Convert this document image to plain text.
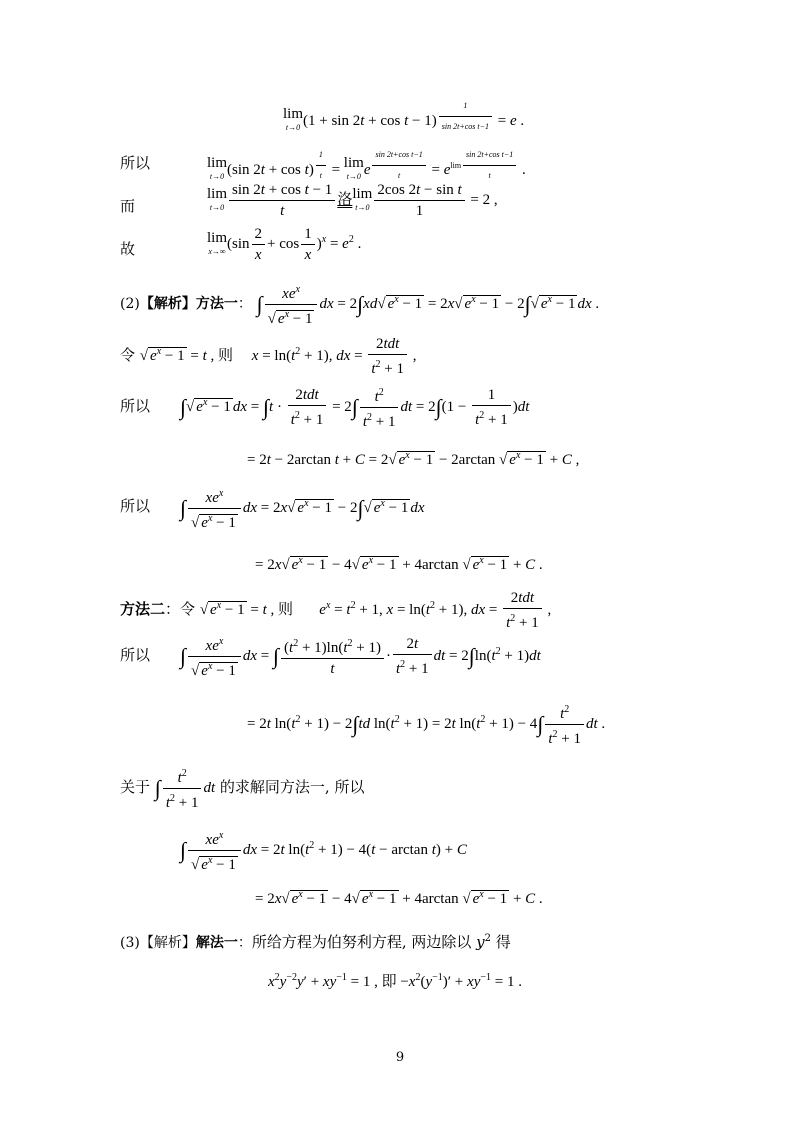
lim
t→0 (1 + sin 2t + cos t − 1) $^{\frac{1}{\text{sin 2t+cos t−1}}}$ = e .
所以	lim
t→0 (sin 2t + cos t) $^{\frac{1}{t}}$ = lim
t→0 e $^{\frac{\text{sin 2t+cos t−1}}{t}} = e^{lim \frac{\text{sin 2t+cos t−1}}{t}}$ .
而
lim
$t\to 0 \frac{\text{sin 2t + cos t − 1}}{t}$ 洛 lim
$t\to 0 \frac{\text{2cos 2t − sin t}}{1} = 2$ ,
故
lim
x→∞ $(\sin \frac{2}{x} + \cos \frac{1}{x} )^x = e^2$ .
(2)【解析】方法一： ∫ $\frac{xe^x}{√ e^x - 1}$ dx = 2∫xd√ $e^x - 1 = 2x√$ $e^x - 1 - 2\int√$ $e^x - 1$ dx .
令 √ $e^x - 1 = t$ , 则     $x = \ln(t^2 + 1)$, dx = $\frac{\text{2tdt}}{t^2 + 1}$ ,
所以 ∫√ $e^x - 1$ dx = $\int t \cdot \frac{\text{2tdt}}{t^2 + 1} = 2\int \frac{t^2}{t^2 + 1}$ dt = $2\int(1 - \frac{1}{t^2 + 1} )dt$
= 2t − 2arctan t + C = 2√ $e^x - 1 - 2\arctan$ √ $e^x - 1 + C$ ,
所以 ∫ $\frac{xe^x}{√ e^x - 1}$ dx = 2x√ $e^x - 1 - 2\int√$ $e^x - 1$ dx
= 2x√ $e^x - 1 - 4√$ $e^x - 1 + 4\arctan$ √ $e^x - 1 + C$ .
方法二：令 √ $e^x - 1 = t$ , 则       $e^x = t^2 + 1$, $x = \ln(t^2 + 1)$, dx = $\frac{\text{2tdt}}{t^2 + 1}$ ,
所以 ∫ $\frac{xe^x}{√ e^x - 1}$ dx = ∫ $\frac{(t^2 + 1)\ln(t^2 + 1)}{t} \cdot \frac{2t}{t^2 + 1}$ dt = $2\int\ln(t^2 + 1)dt$
= 2t $\ln(t^2 + 1) - 2\int td$ $\ln(t^2 + 1) = 2t$ $\ln(t^2 + 1) - 4\int \frac{t^2}{t^2 + 1}$ dt .
关于 ∫ $\frac{t^2}{t^2 + 1}$ dt 的求解同方法一, 所以
∫ $\frac{xe^x}{√ e^x - 1}$ dx = 2t $\ln(t^2 + 1) - 4(t - \arctan t) + C$
= 2x√ $e^x - 1 - 4√$ $e^x - 1 + 4\arctan$ √ $e^x - 1 + C$ .
(3)【解析】解法一：所给方程为伯努利方程, 两边除以 $y^2$ 得
$x^2y^{-2}y' + xy^{-1} = 1$ , 即 $-x^2(y^{-1})' + xy^{-1} = 1$ .
9
